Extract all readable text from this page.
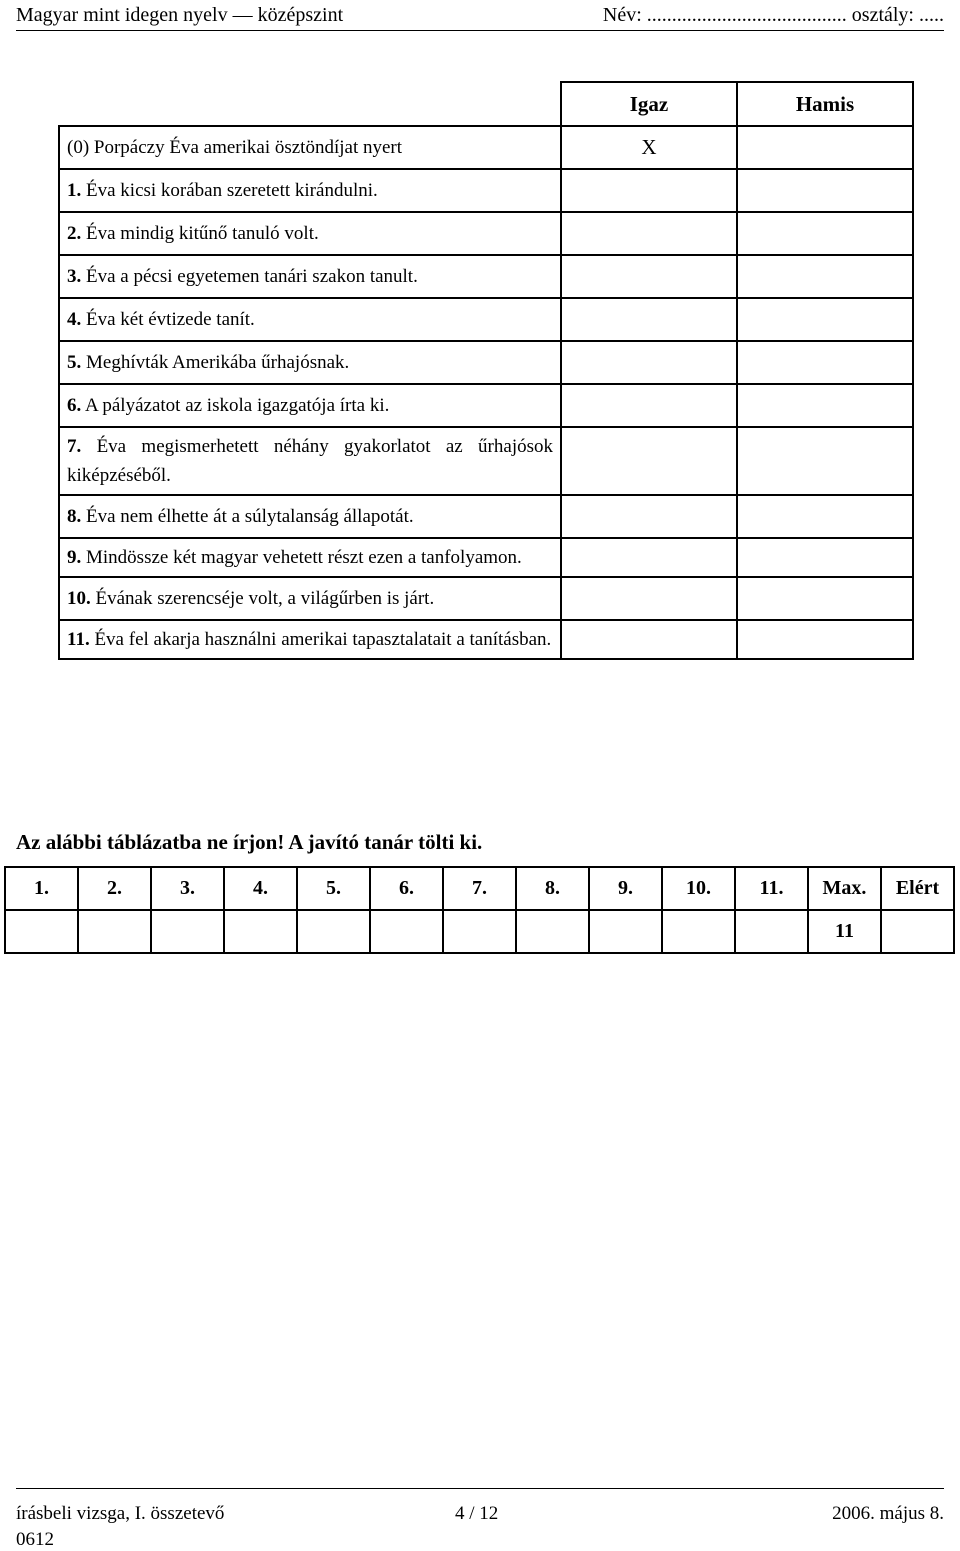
Magyar mint idegen nyelv — középszint	Név: ........................................ osztály: .....
	Igaz	Hamis
(0) Porpáczy Éva amerikai ösztöndíjat nyert	X	
1. Éva kicsi korában szeretett kirándulni.		
2. Éva mindig kitűnő tanuló volt.		
3. Éva a pécsi egyetemen tanári szakon tanult.		
4. Éva két évtizede tanít.		
5. Meghívták Amerikába űrhajósnak.		
6. A pályázatot az iskola igazgatója írta ki.		
7. Éva megismerhetett néhány gyakorlatot az űrhajósok kiképzéséből.		
8. Éva nem élhette át a súlytalanság állapotát.		
9. Mindössze két magyar vehetett részt ezen a tanfolyamon.		
10. Évának szerencséje volt, a világűrben is járt.		
11. Éva fel akarja használni amerikai tapasztalatait a tanításban.		
Az alábbi táblázatba ne írjon! A javító tanár tölti ki.
1.	2.	3.	4.	5.	6.	7.	8.	9.	10.	11.	Max.	Elért
											11	
írásbeli vizsga, I. összetevő	4 / 12	2006. május 8.
0612
